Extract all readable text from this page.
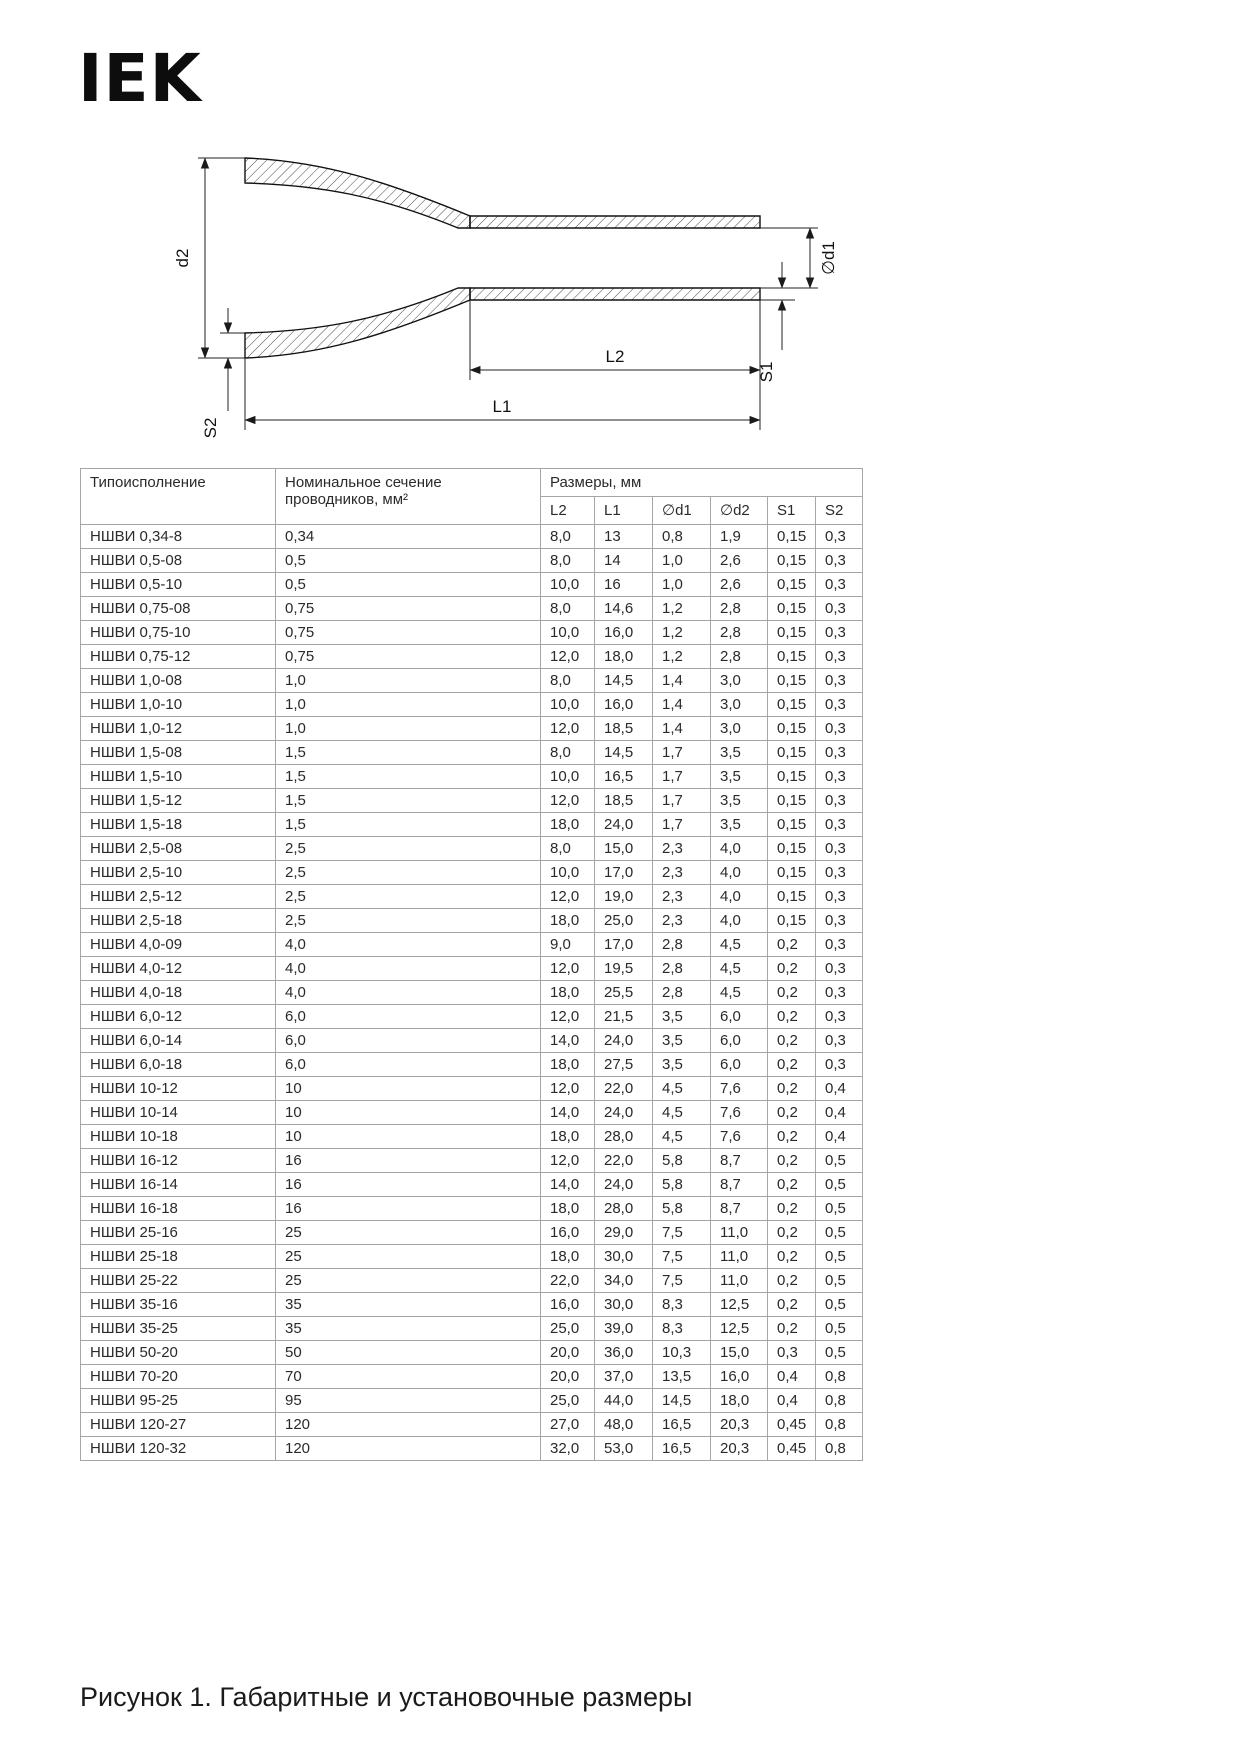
IEK
d2
S2
L2
L1
∅d1
S1
Типоисполнение	Номинальное сечение проводников, мм²	Размеры, мм					
		L2	L1	∅d1	∅d2	S1	S2
НШВИ 0,34-8	0,34	8,0	13	0,8	1,9	0,15	0,3
НШВИ 0,5-08	0,5	8,0	14	1,0	2,6	0,15	0,3
НШВИ 0,5-10	0,5	10,0	16	1,0	2,6	0,15	0,3
НШВИ 0,75-08	0,75	8,0	14,6	1,2	2,8	0,15	0,3
НШВИ 0,75-10	0,75	10,0	16,0	1,2	2,8	0,15	0,3
НШВИ 0,75-12	0,75	12,0	18,0	1,2	2,8	0,15	0,3
НШВИ 1,0-08	1,0	8,0	14,5	1,4	3,0	0,15	0,3
НШВИ 1,0-10	1,0	10,0	16,0	1,4	3,0	0,15	0,3
НШВИ 1,0-12	1,0	12,0	18,5	1,4	3,0	0,15	0,3
НШВИ 1,5-08	1,5	8,0	14,5	1,7	3,5	0,15	0,3
НШВИ 1,5-10	1,5	10,0	16,5	1,7	3,5	0,15	0,3
НШВИ 1,5-12	1,5	12,0	18,5	1,7	3,5	0,15	0,3
НШВИ 1,5-18	1,5	18,0	24,0	1,7	3,5	0,15	0,3
НШВИ 2,5-08	2,5	8,0	15,0	2,3	4,0	0,15	0,3
НШВИ 2,5-10	2,5	10,0	17,0	2,3	4,0	0,15	0,3
НШВИ 2,5-12	2,5	12,0	19,0	2,3	4,0	0,15	0,3
НШВИ 2,5-18	2,5	18,0	25,0	2,3	4,0	0,15	0,3
НШВИ 4,0-09	4,0	9,0	17,0	2,8	4,5	0,2	0,3
НШВИ 4,0-12	4,0	12,0	19,5	2,8	4,5	0,2	0,3
НШВИ 4,0-18	4,0	18,0	25,5	2,8	4,5	0,2	0,3
НШВИ 6,0-12	6,0	12,0	21,5	3,5	6,0	0,2	0,3
НШВИ 6,0-14	6,0	14,0	24,0	3,5	6,0	0,2	0,3
НШВИ 6,0-18	6,0	18,0	27,5	3,5	6,0	0,2	0,3
НШВИ 10-12	10	12,0	22,0	4,5	7,6	0,2	0,4
НШВИ 10-14	10	14,0	24,0	4,5	7,6	0,2	0,4
НШВИ 10-18	10	18,0	28,0	4,5	7,6	0,2	0,4
НШВИ 16-12	16	12,0	22,0	5,8	8,7	0,2	0,5
НШВИ 16-14	16	14,0	24,0	5,8	8,7	0,2	0,5
НШВИ 16-18	16	18,0	28,0	5,8	8,7	0,2	0,5
НШВИ 25-16	25	16,0	29,0	7,5	11,0	0,2	0,5
НШВИ 25-18	25	18,0	30,0	7,5	11,0	0,2	0,5
НШВИ 25-22	25	22,0	34,0	7,5	11,0	0,2	0,5
НШВИ 35-16	35	16,0	30,0	8,3	12,5	0,2	0,5
НШВИ 35-25	35	25,0	39,0	8,3	12,5	0,2	0,5
НШВИ 50-20	50	20,0	36,0	10,3	15,0	0,3	0,5
НШВИ 70-20	70	20,0	37,0	13,5	16,0	0,4	0,8
НШВИ 95-25	95	25,0	44,0	14,5	18,0	0,4	0,8
НШВИ 120-27	120	27,0	48,0	16,5	20,3	0,45	0,8
НШВИ 120-32	120	32,0	53,0	16,5	20,3	0,45	0,8
Рисунок 1. Габаритные и установочные размеры
